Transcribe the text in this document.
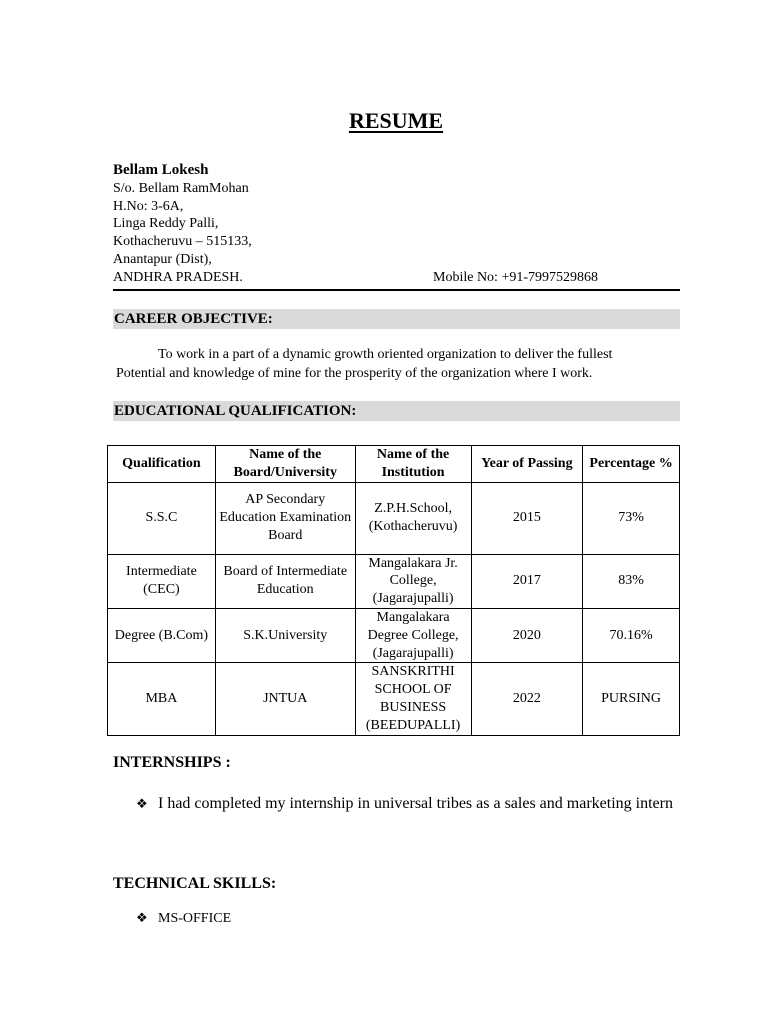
RESUME
Bellam Lokesh
S/o. Bellam RamMohan
H.No: 3-6A,
Linga Reddy Palli,
Kothacheruvu – 515133,
Anantapur (Dist),
ANDHRA PRADESH.	Mobile No: +91-7997529868
CAREER OBJECTIVE:
To work in a part of a dynamic growth oriented organization to deliver the fullest
Potential and knowledge of mine for the prosperity of the organization where I work.
EDUCATIONAL QUALIFICATION:
Qualification	Name of the Board/University	Name of the Institution	Year of Passing	Percentage %
S.S.C	AP Secondary Education Examination Board	Z.P.H.School, (Kothacheruvu)	2015	73%
Intermediate (CEC)	Board of Intermediate Education	Mangalakara Jr. College, (Jagarajupalli)	2017	83%
Degree (B.Com)	S.K.University	Mangalakara Degree College, (Jagarajupalli)	2020	70.16%
MBA	JNTUA	SANSKRITHI SCHOOL OF BUSINESS (BEEDUPALLI)	2022	PURSING
INTERNSHIPS :
❖ I had completed my internship in universal tribes as a sales and marketing intern
TECHNICAL SKILLS:
❖ MS-OFFICE
